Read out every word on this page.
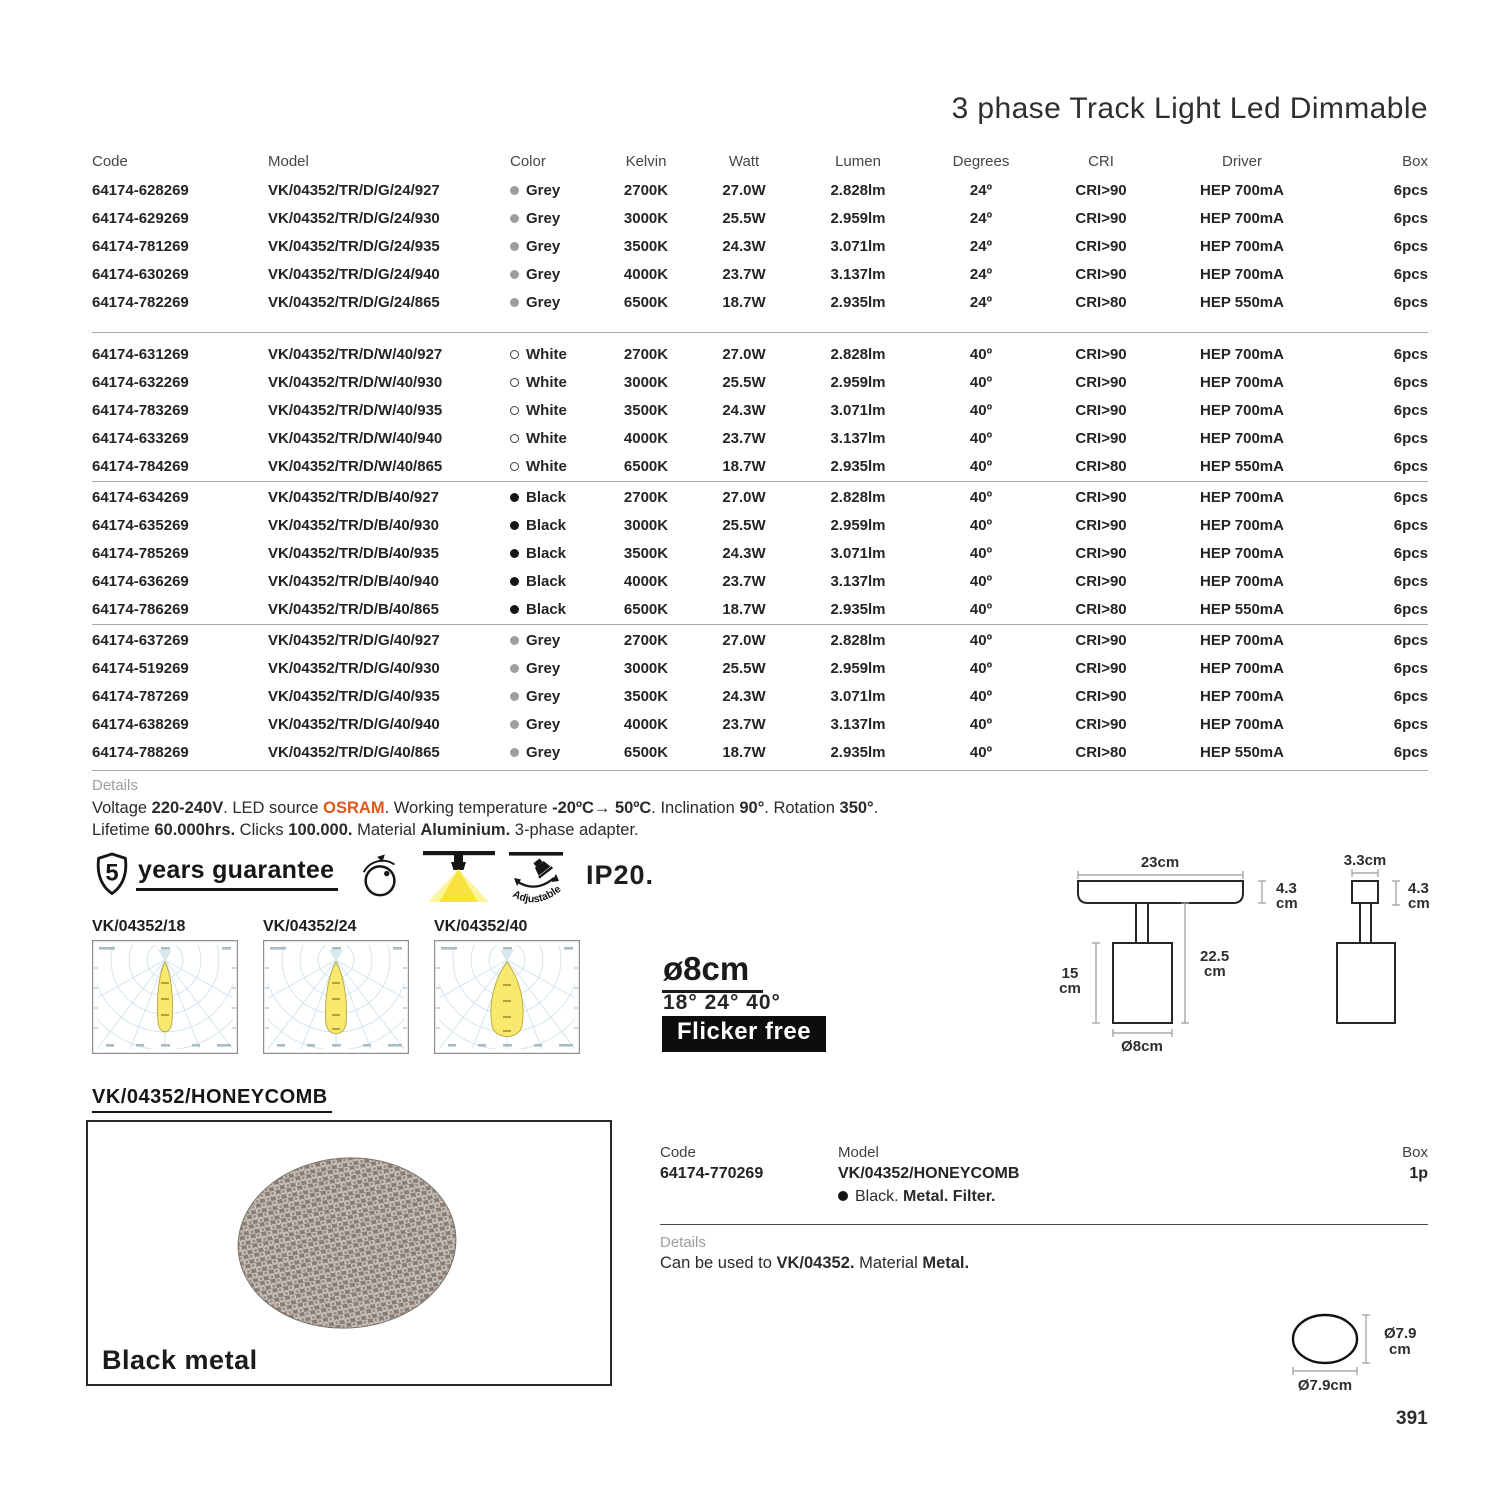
3 phase Track Light Led Dimmable
Code	Model	Color	Kelvin	Watt	Lumen	Degrees	CRI	Driver	Box
64174-628269	VK/04352/TR/D/G/24/927	Grey	2700K	27.0W	2.828lm	24º	CRI>90	HEP 700mA	6pcs
64174-629269	VK/04352/TR/D/G/24/930	Grey	3000K	25.5W	2.959lm	24º	CRI>90	HEP 700mA	6pcs
64174-781269	VK/04352/TR/D/G/24/935	Grey	3500K	24.3W	3.071lm	24º	CRI>90	HEP 700mA	6pcs
64174-630269	VK/04352/TR/D/G/24/940	Grey	4000K	23.7W	3.137lm	24º	CRI>90	HEP 700mA	6pcs
64174-782269	VK/04352/TR/D/G/24/865	Grey	6500K	18.7W	2.935lm	24º	CRI>80	HEP 550mA	6pcs
64174-631269	VK/04352/TR/D/W/40/927	White	2700K	27.0W	2.828lm	40º	CRI>90	HEP 700mA	6pcs
64174-632269	VK/04352/TR/D/W/40/930	White	3000K	25.5W	2.959lm	40º	CRI>90	HEP 700mA	6pcs
64174-783269	VK/04352/TR/D/W/40/935	White	3500K	24.3W	3.071lm	40º	CRI>90	HEP 700mA	6pcs
64174-633269	VK/04352/TR/D/W/40/940	White	4000K	23.7W	3.137lm	40º	CRI>90	HEP 700mA	6pcs
64174-784269	VK/04352/TR/D/W/40/865	White	6500K	18.7W	2.935lm	40º	CRI>80	HEP 550mA	6pcs
64174-634269	VK/04352/TR/D/B/40/927	Black	2700K	27.0W	2.828lm	40º	CRI>90	HEP 700mA	6pcs
64174-635269	VK/04352/TR/D/B/40/930	Black	3000K	25.5W	2.959lm	40º	CRI>90	HEP 700mA	6pcs
64174-785269	VK/04352/TR/D/B/40/935	Black	3500K	24.3W	3.071lm	40º	CRI>90	HEP 700mA	6pcs
64174-636269	VK/04352/TR/D/B/40/940	Black	4000K	23.7W	3.137lm	40º	CRI>90	HEP 700mA	6pcs
64174-786269	VK/04352/TR/D/B/40/865	Black	6500K	18.7W	2.935lm	40º	CRI>80	HEP 550mA	6pcs
64174-637269	VK/04352/TR/D/G/40/927	Grey	2700K	27.0W	2.828lm	40º	CRI>90	HEP 700mA	6pcs
64174-519269	VK/04352/TR/D/G/40/930	Grey	3000K	25.5W	2.959lm	40º	CRI>90	HEP 700mA	6pcs
64174-787269	VK/04352/TR/D/G/40/935	Grey	3500K	24.3W	3.071lm	40º	CRI>90	HEP 700mA	6pcs
64174-638269	VK/04352/TR/D/G/40/940	Grey	4000K	23.7W	3.137lm	40º	CRI>90	HEP 700mA	6pcs
64174-788269	VK/04352/TR/D/G/40/865	Grey	6500K	18.7W	2.935lm	40º	CRI>80	HEP 550mA	6pcs
Details
Voltage 220-240V. LED source OSRAM. Working temperature -20ºC→ 50ºC. Inclination 90°. Rotation 350°.
Lifetime 60.000hrs. Clicks 100.000. Material Aluminium. 3-phase adapter.
5 years guarantee
Adjustable IP20.
VK/04352/18	VK/04352/24	VK/04352/40
ø8cm
18° 24° 40°
Flicker free
23cm
4.3
cm
22.5
cm
15
cm
Ø8cm
3.3cm
4.3
cm
VK/04352/HONEYCOMB
Black metal
Code	Model	Box
64174-770269	VK/04352/HONEYCOMB	1p
Black. Metal. Filter.
Details
Can be used to VK/04352. Material Metal.
Ø7.9
cm
Ø7.9cm
391
